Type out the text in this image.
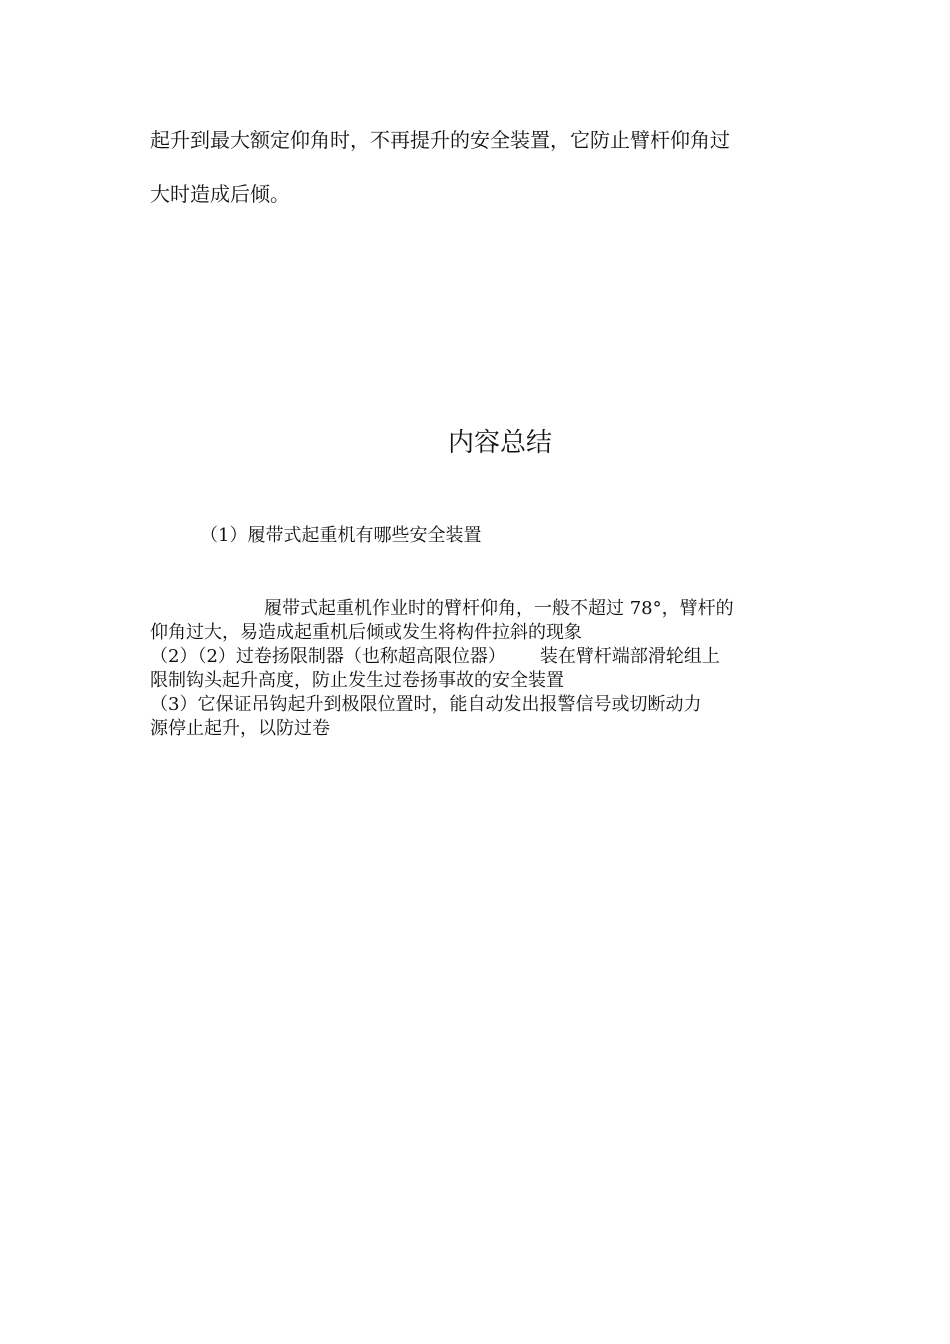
起升到最大额定仰角时，不再提升的安全装置，它防止臂杆仰角过

大时造成后倾。

内容总结

（1）履带式起重机有哪些安全装置

履带式起重机作业时的臂杆仰角，一般不超过 78°，臂杆的

仰角过大，易造成起重机后倾或发生将构件拉斜的现象

（2）（2）过卷扬限制器（也称超高限位器） 装在臂杆端部滑轮组上

限制钩头起升高度，防止发生过卷扬事故的安全装置

（3）它保证吊钩起升到极限位置时，能自动发出报警信号或切断动力

源停止起升，以防过卷
